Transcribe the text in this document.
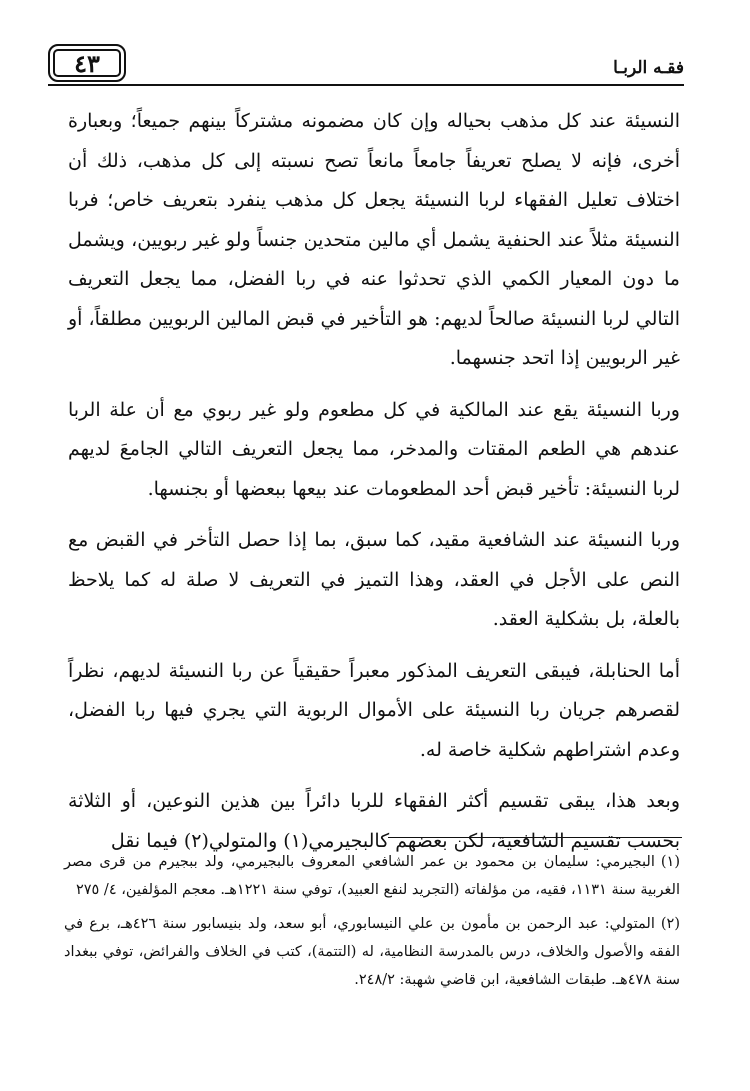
فقـه الربـا
٤٣

النسيئة عند كل مذهب بحياله وإن كان مضمونه مشتركاً بينهم جميعاً؛ وبعبارة أخرى، فإنه لا يصلح تعريفاً جامعاً مانعاً تصح نسبته إلى كل مذهب، ذلك أن اختلاف تعليل الفقهاء لربا النسيئة يجعل كل مذهب ينفرد بتعريف خاص؛ فربا النسيئة مثلاً عند الحنفية يشمل أي مالين متحدين جنساً ولو غير ربويين، ويشمل ما دون المعيار الكمي الذي تحدثوا عنه في ربا الفضل، مما يجعل التعريف التالي لربا النسيئة صالحاً لديهم: هو التأخير في قبض المالين الربويين مطلقاً، أو غير الربويين إذا اتحد جنسهما.

وربا النسيئة يقع عند المالكية في كل مطعوم ولو غير ربوي مع أن علة الربا عندهم هي الطعم المقتات والمدخر، مما يجعل التعريف التالي الجامعَ لديهم لربا النسيئة: تأخير قبض أحد المطعومات عند بيعها ببعضها أو بجنسها.

وربا النسيئة عند الشافعية مقيد، كما سبق، بما إذا حصل التأخر في القبض مع النص على الأجل في العقد، وهذا التميز في التعريف لا صلة له كما يلاحظ بالعلة، بل بشكلية العقد.

أما الحنابلة، فيبقى التعريف المذكور معبراً حقيقياً عن ربا النسيئة لديهم، نظراً لقصرهم جريان ربا النسيئة على الأموال الربوية التي يجري فيها ربا الفضل، وعدم اشتراطهم شكلية خاصة له.

وبعد هذا، يبقى تقسيم أكثر الفقهاء للربا دائراً بين هذين النوعين، أو الثلاثة بحسب تقسيم الشافعية، لكن بعضهم كالبجيرمي(١) والمتولي(٢) فيما نقل

(١)البجيرمي: سليمان بن محمود بن عمر الشافعي المعروف بالبجيرمي، ولد ببجيرم من قرى مصر الغربية سنة ١١٣١، فقيه، من مؤلفاته (التجريد لنفع العبيد)، توفي سنة ١٢٢١هـ. معجم المؤلفين، ٤/ ٢٧٥

(٢)المتولي: عبد الرحمن بن مأمون بن علي النيسابوري، أبو سعد، ولد بنيسابور سنة ٤٢٦هـ، برع في الفقه والأصول والخلاف، درس بالمدرسة النظامية، له (التتمة)، كتب في الخلاف والفرائض، توفي ببغداد سنة ٤٧٨هـ. طبقات الشافعية، ابن قاضي شهبة: ٢٤٨/٢.
